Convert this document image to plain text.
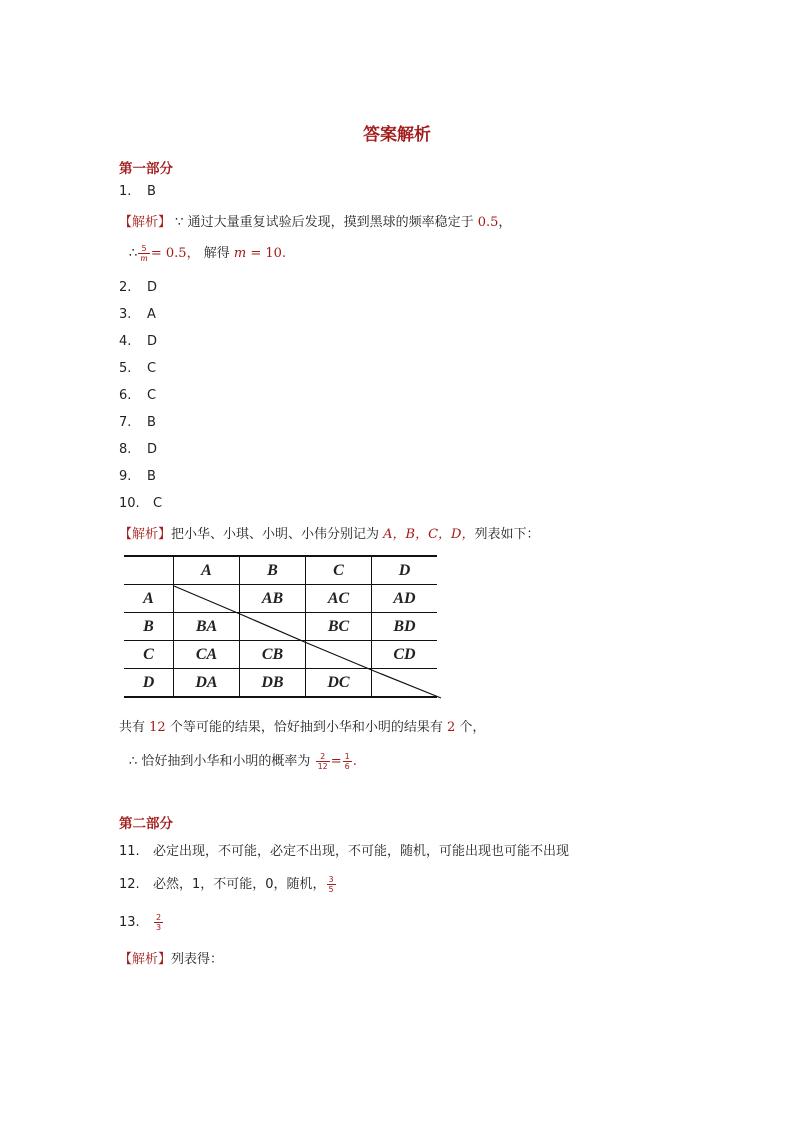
答案解析
第一部分
1. B
【解析】 ∵ 通过大量重复试验后发现，摸到黑球的频率稳定于 0.5，
∴ $\frac{5}{m} = 0.5$， 解得 m = 10.
2. D
3. A
4. D
5. C
6. C
7. B
8. D
9. B
10. C
【解析】把小华、小琪、小明、小伟分别记为 A，B，C，D，列表如下：
	A	B	C	D
A		AB	AC	AD
B	BA		BC	BD
C	CA	CB		CD
D	DA	DB	DC	
共有 12 个等可能的结果，恰好抽到小华和小明的结果有 2 个，
∴ 恰好抽到小华和小明的概率为 $\frac{2}{12} = \frac{1}{6}$ .
第二部分
11. 必定出现，不可能，必定不出现，不可能，随机，可能出现也可能不出现
12. 必然，1，不可能，0，随机， $\frac{3}{5}$
13. $\frac{2}{3}$
【解析】列表得：
